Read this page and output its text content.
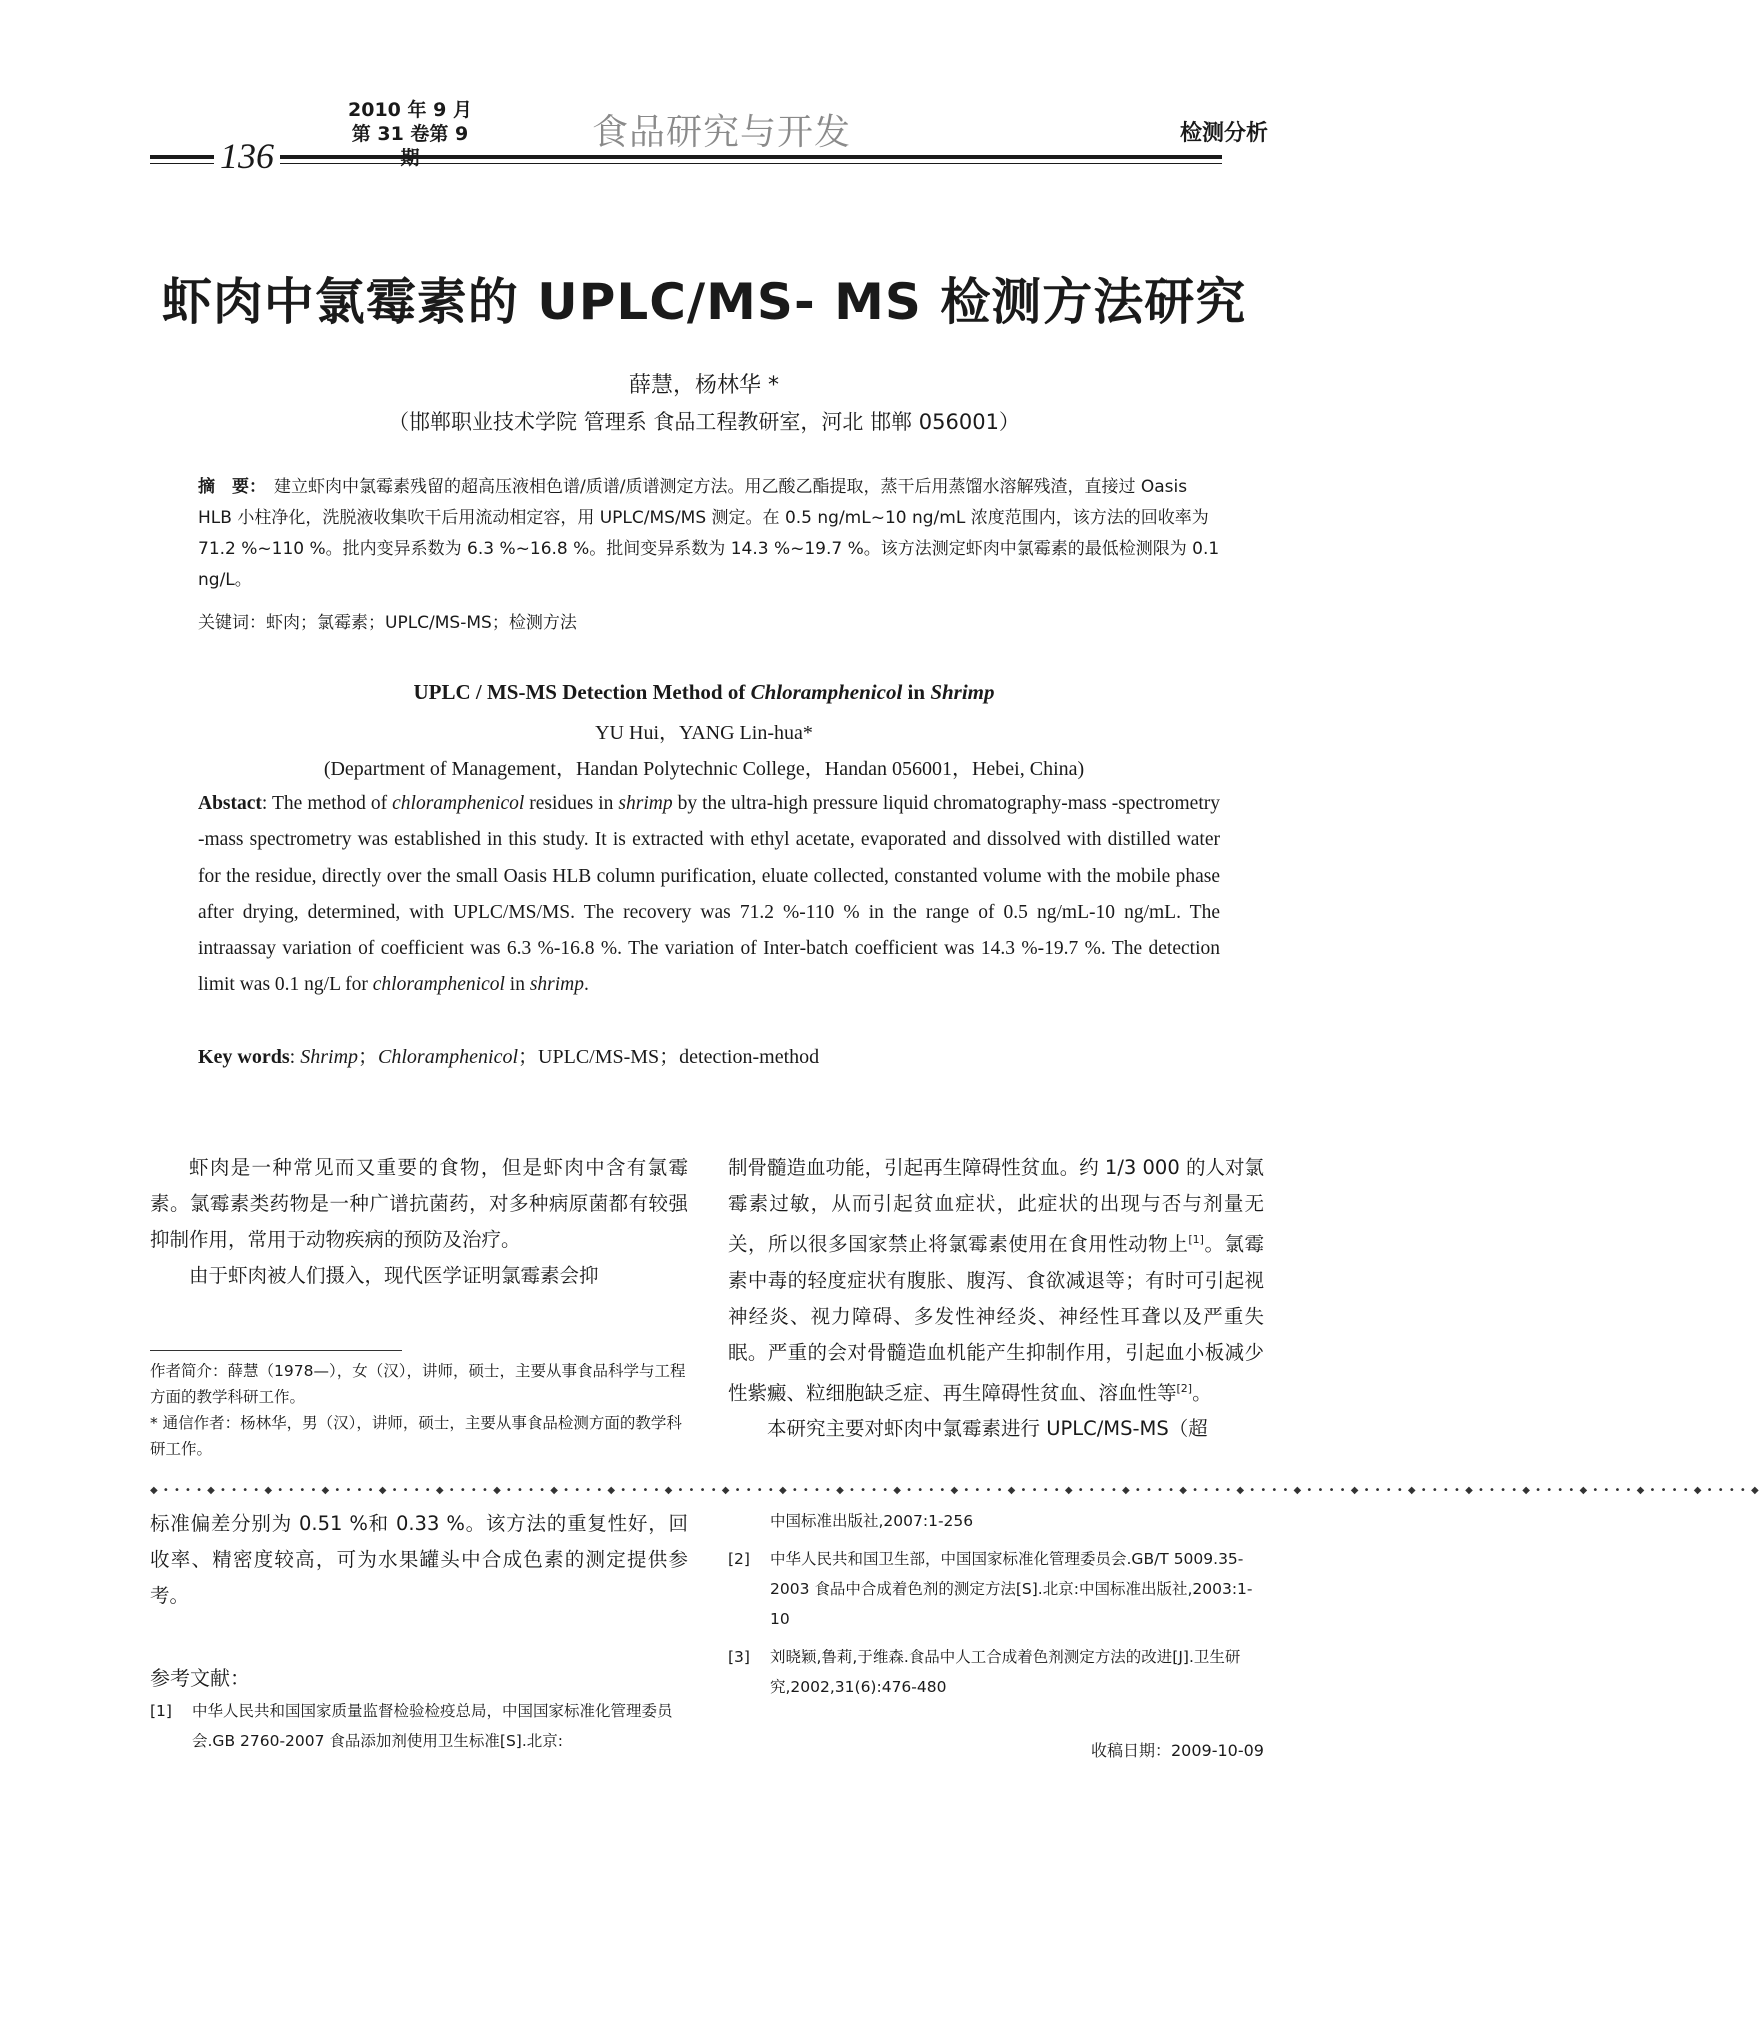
2010 年 9 月
第 31 卷第 9	食品研究与开发	检测分析
136
虾肉中氯霉素的 UPLC/MS- MS 检测方法研究
薛慧，杨林华 *
（邯郸职业技术学院 管理系 食品工程教研室，河北 邯郸 056001）
摘　要： 建立虾肉中氯霉素残留的超高压液相色谱/质谱/质谱测定方法。用乙酸乙酯提取，蒸干后用蒸馏水溶解残渣，直接过 Oasis HLB 小柱净化，洗脱液收集吹干后用流动相定容，用 UPLC/MS/MS 测定。在 0.5 ng/mL~10 ng/mL 浓度范围内，该方法的回收率为 71.2 %~110 %。批内变异系数为 6.3 %~16.8 %。批间变异系数为 14.3 %~19.7 %。该方法测定虾肉中氯霉素的最低检测限为 0.1 ng/L。
关键词：虾肉；氯霉素；UPLC/MS-MS；检测方法
UPLC / MS-MS Detection Method of Chloramphenicol in Shrimp
YU Hui，YANG Lin-hua*
(Department of Management，Handan Polytechnic College，Handan 056001，Hebei, China)
Abstact: The method of chloramphenicol residues in shrimp by the ultra-high pressure liquid chromatography-mass -spectrometry -mass spectrometry was established in this study. It is extracted with ethyl acetate, evaporated and dissolved with distilled water for the residue, directly over the small Oasis HLB column purification, eluate collected, constanted volume with the mobile phase after drying, determined, with UPLC/MS/MS. The recovery was 71.2 %-110 % in the range of 0.5 ng/mL-10 ng/mL. The intraassay variation of coefficient was 6.3 %-16.8 %. The variation of Inter-batch coefficient was 14.3 %-19.7 %. The detection limit was 0.1 ng/L for chloramphenicol in shrimp.
Key words: Shrimp；Chloramphenicol；UPLC/MS-MS；detection-method

虾肉是一种常见而又重要的食物，但是虾肉中含有氯霉素。氯霉素类药物是一种广谱抗菌药，对多种病原菌都有较强抑制作用，常用于动物疾病的预防及治疗。

由于虾肉被人们摄入，现代医学证明氯霉素会抑

制骨髓造血功能，引起再生障碍性贫血。约 1/3 000 的人对氯霉素过敏，从而引起贫血症状，此症状的出现与否与剂量无关，所以很多国家禁止将氯霉素使用在食用性动物上[1]。氯霉素中毒的轻度症状有腹胀、腹泻、食欲减退等；有时可引起视神经炎、视力障碍、多发性神经炎、神经性耳聋以及严重失眠。严重的会对骨髓造血机能产生抑制作用，引起血小板减少性紫癜、粒细胞缺乏症、再生障碍性贫血、溶血性等[2]。

本研究主要对虾肉中氯霉素进行 UPLC/MS-MS（超

作者简介：薛慧（1978—），女（汉），讲师，硕士，主要从事食品科学与工程方面的教学科研工作。

* 通信作者：杨林华，男（汉），讲师，硕士，主要从事食品检测方面的教学科研工作。

◆ • • • • ◆ • • • • ◆ • • • • ◆ • • • • ◆ • • • • ◆ • • • • ◆ • • • • ◆ • • • • ◆ • • • • ◆ • • • • ◆ • • • • ◆ • • • • ◆ • • • • ◆ • • • • ◆ • • • • ◆ • • • • ◆ • • • • ◆ • • • • ◆ • • • • ◆ • • • • ◆ • • • • ◆ • • • • ◆ • • • • ◆ • • • • ◆ • • • • ◆ • • • • ◆ • • • • ◆ • • • • ◆
标准偏差分别为 0.51 %和 0.33 %。该方法的重复性好，回收率、精密度较高，可为水果罐头中合成色素的测定提供参考。
参考文献：

[1] 中华人民共和国国家质量监督检验检疫总局，中国国家标准化管理委员会.GB 2760-2007 食品添加剂使用卫生标准[S].北京:

中国标准出版社,2007:1-256

[2] 中华人民共和国卫生部，中国国家标准化管理委员会.GB/T 5009.35-2003 食品中合成着色剂的测定方法[S].北京:中国标准出版社,2003:1-10

[3] 刘晓颖,鲁莉,于维森.食品中人工合成着色剂测定方法的改进[J].卫生研究,2002,31(6):476-480

收稿日期：2009-10-09
